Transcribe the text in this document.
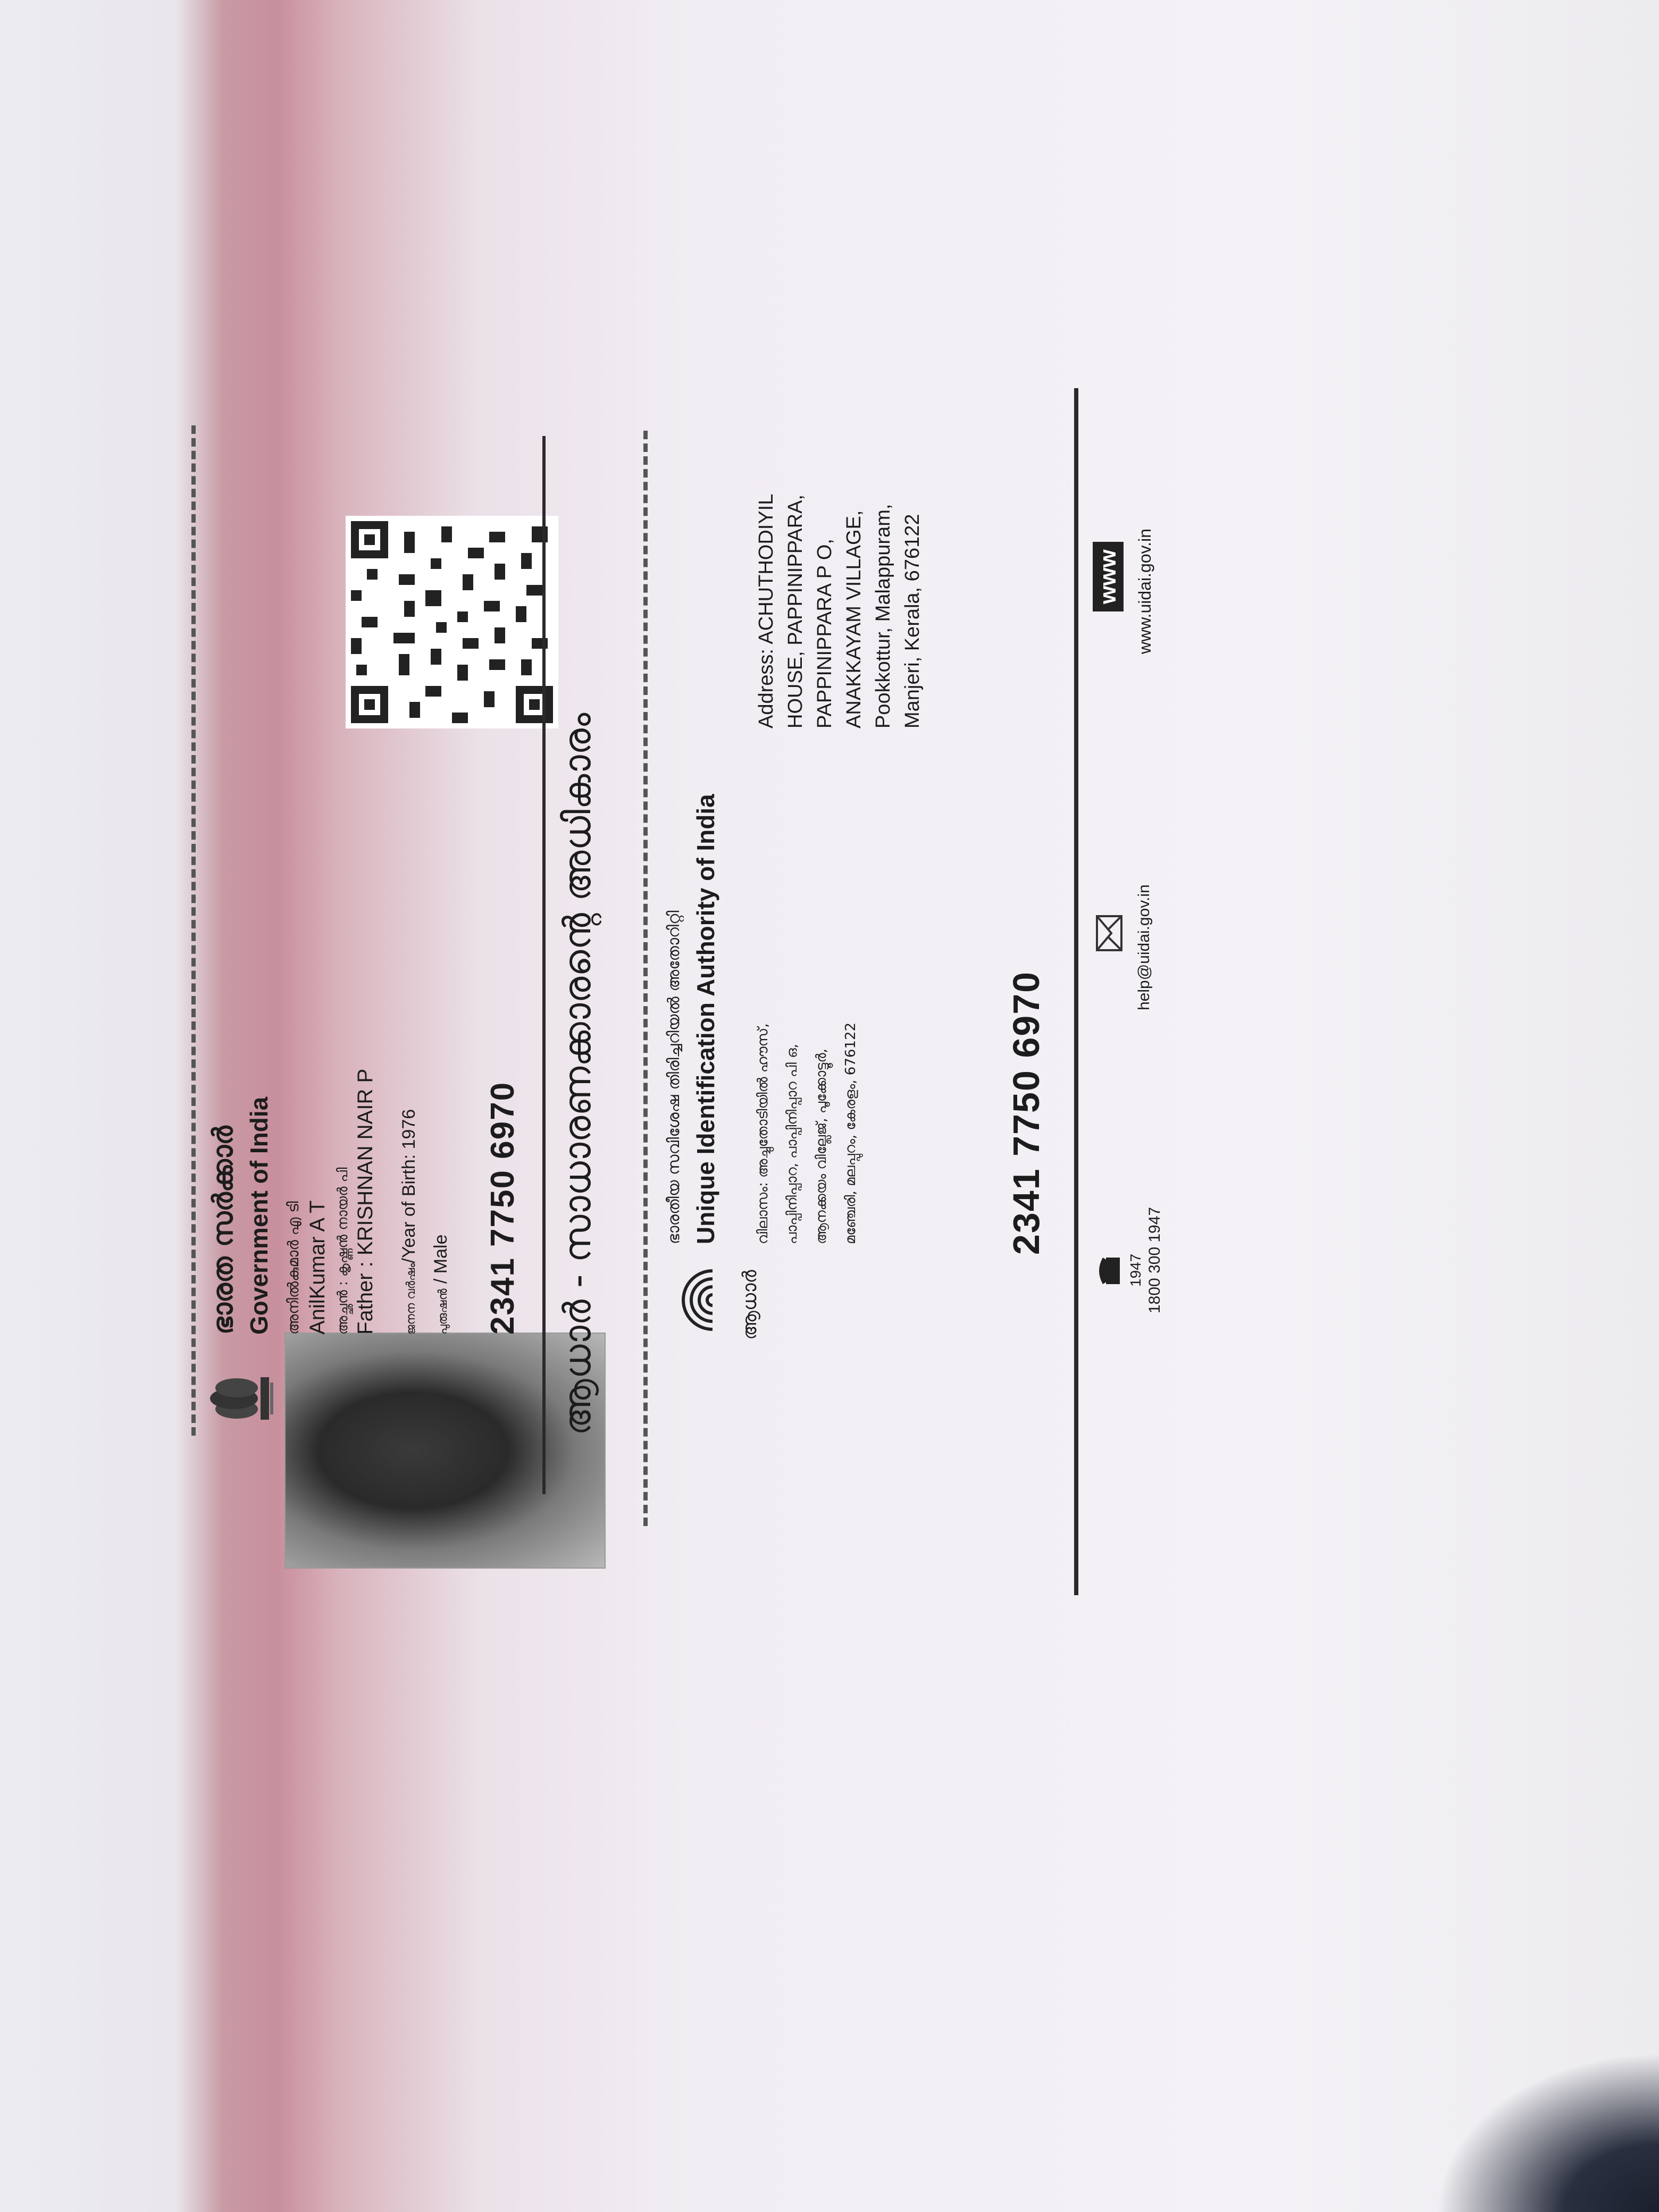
ഭാരത സർക്കാർ Government of India അനിൽകുമാർ എ ടി AnilKumar A T അച്ഛൻ : കൃഷ്ണൻ നായർ പി Father : KRISHNAN NAIR P
ജനന വർഷം/Year of Birth: 1976
പുരുഷൻ / Male 2341 7750 6970 ആധാർ - സാധാരണക്കാരന്റെ അധികാരം	ആധാർ
ഭാരതീയ സവിശേഷ തിരിച്ചറിയൽ അതോറിറ്റി Unique Identification Authority of India	വിലാസം: അച്ചുതോടിയിൽ ഹൗസ്, പാപ്പിനിപ്പാറ, പാപ്പിനിപ്പാറ പി ഒ, ആനക്കയം വില്ലേജ്, പൂക്കോട്ടൂർ, മഞ്ചേരി, മലപ്പുറം, കേരളം, 676122
Address: ACHUTHODIYIL HOUSE, PAPPINIPPARA, PAPPINIPPARA P O, ANAKKAYAM VILLAGE, Pookkottur, Malappuram, Manjeri, Kerala, 676122
2341 7750 6970
1947 1800 300 1947
help@uidai.gov.in
www www.uidai.gov.in
